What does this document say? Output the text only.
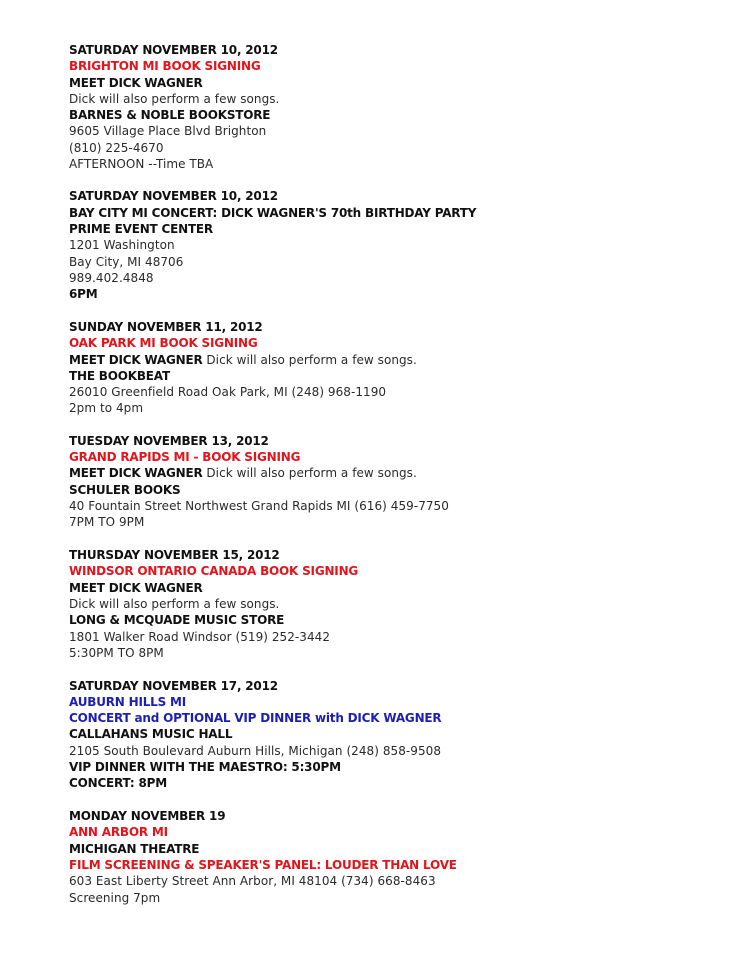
SATURDAY NOVEMBER 10, 2012
BRIGHTON MI BOOK SIGNING
MEET DICK WAGNER
Dick will also perform a few songs.
BARNES & NOBLE BOOKSTORE
9605 Village Place Blvd Brighton
(810) 225-4670
AFTERNOON --Time TBA
SATURDAY NOVEMBER 10, 2012
BAY CITY MI CONCERT: DICK WAGNER'S 70th BIRTHDAY PARTY
PRIME EVENT CENTER
1201 Washington
Bay City, MI 48706
989.402.4848
6PM
SUNDAY NOVEMBER 11, 2012
OAK PARK MI BOOK SIGNING
MEET DICK WAGNER Dick will also perform a few songs.
THE BOOKBEAT
26010 Greenfield Road Oak Park, MI (248) 968-1190
2pm to 4pm
TUESDAY NOVEMBER 13, 2012
GRAND RAPIDS MI - BOOK SIGNING
MEET DICK WAGNER Dick will also perform a few songs.
SCHULER BOOKS
40 Fountain Street Northwest Grand Rapids MI (616) 459-7750
7PM TO 9PM
THURSDAY NOVEMBER 15, 2012
WINDSOR ONTARIO CANADA BOOK SIGNING
MEET DICK WAGNER
Dick will also perform a few songs.
LONG & MCQUADE MUSIC STORE
1801 Walker Road Windsor (519) 252-3442
5:30PM TO 8PM
SATURDAY NOVEMBER 17, 2012
AUBURN HILLS MI
CONCERT and OPTIONAL VIP DINNER with DICK WAGNER
CALLAHANS MUSIC HALL
2105 South Boulevard Auburn Hills, Michigan (248) 858-9508
VIP DINNER WITH THE MAESTRO: 5:30PM
CONCERT: 8PM
MONDAY NOVEMBER 19
ANN ARBOR MI
MICHIGAN THEATRE
FILM SCREENING & SPEAKER'S PANEL: LOUDER THAN LOVE
603 East Liberty Street Ann Arbor, MI 48104 (734) 668-8463
Screening 7pm
